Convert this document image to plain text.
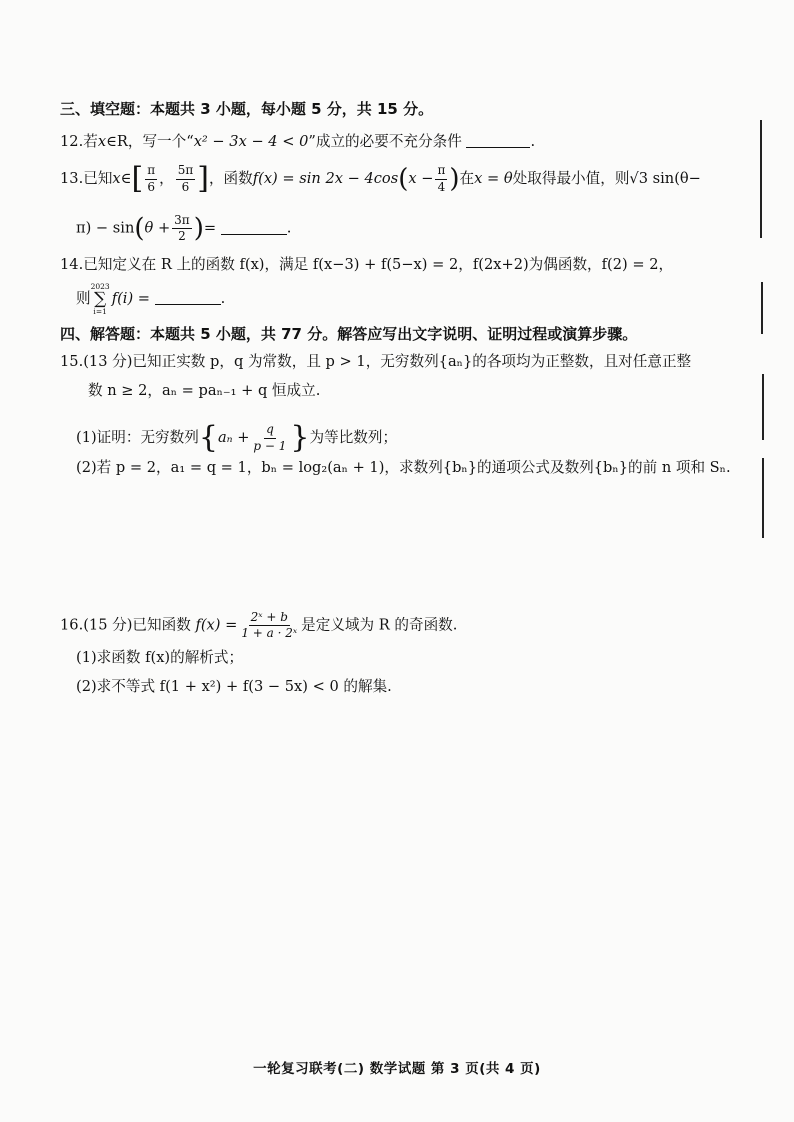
三、填空题：本题共 3 小题，每小题 5 分，共 15 分。
12.若x∈R，写一个“x² − 3x − 4 < 0”成立的必要不充分条件	.
13.已知x∈[ $\frac{\pi}{6}$ ， $\frac{5\pi}{6}$ ]，函数$f(x) = \sin 2x - 4\cos(x - \frac{\pi}{4}$ )在x = θ处取得最小值，则√3 sin(θ−
$\pi) - \sin(\theta + \frac{3\pi}{2}$ )=	.
14.已知定义在 R 上的函数 f(x)，满足 f(x−3) + f(5−x) = 2，f(2x+2)为偶函数，f(2) = 2，
则
2023
∑
i=1
f(i) =	.
四、解答题：本题共 5 小题，共 77 分。解答应写出文字说明、证明过程或演算步骤。
15.(13 分)已知正实数 p，q 为常数，且 p > 1，无穷数列{aₙ}的各项均为正整数，且对任意正整
数 n ≥ 2，aₙ = paₙ₋₁ + q 恒成立.
(1)证明：无穷数列{$a_n + \frac{q}{p - 1}$ }为等比数列；
(2)若 p = 2，a₁ = q = 1，bₙ = log₂(aₙ + 1)，求数列{bₙ}的通项公式及数列{bₙ}的前 n 项和 Sₙ.
16.(15 分)已知函数 $f(x) = \frac{\text{2ˣ + b}}{\text{1 + a · 2ˣ}}$ 是定义域为 R 的奇函数.
(1)求函数 f(x)的解析式；
(2)求不等式 f(1 + x²) + f(3 − 5x) < 0 的解集.
一轮复习联考(二) 数学试题 第 3 页(共 4 页)
